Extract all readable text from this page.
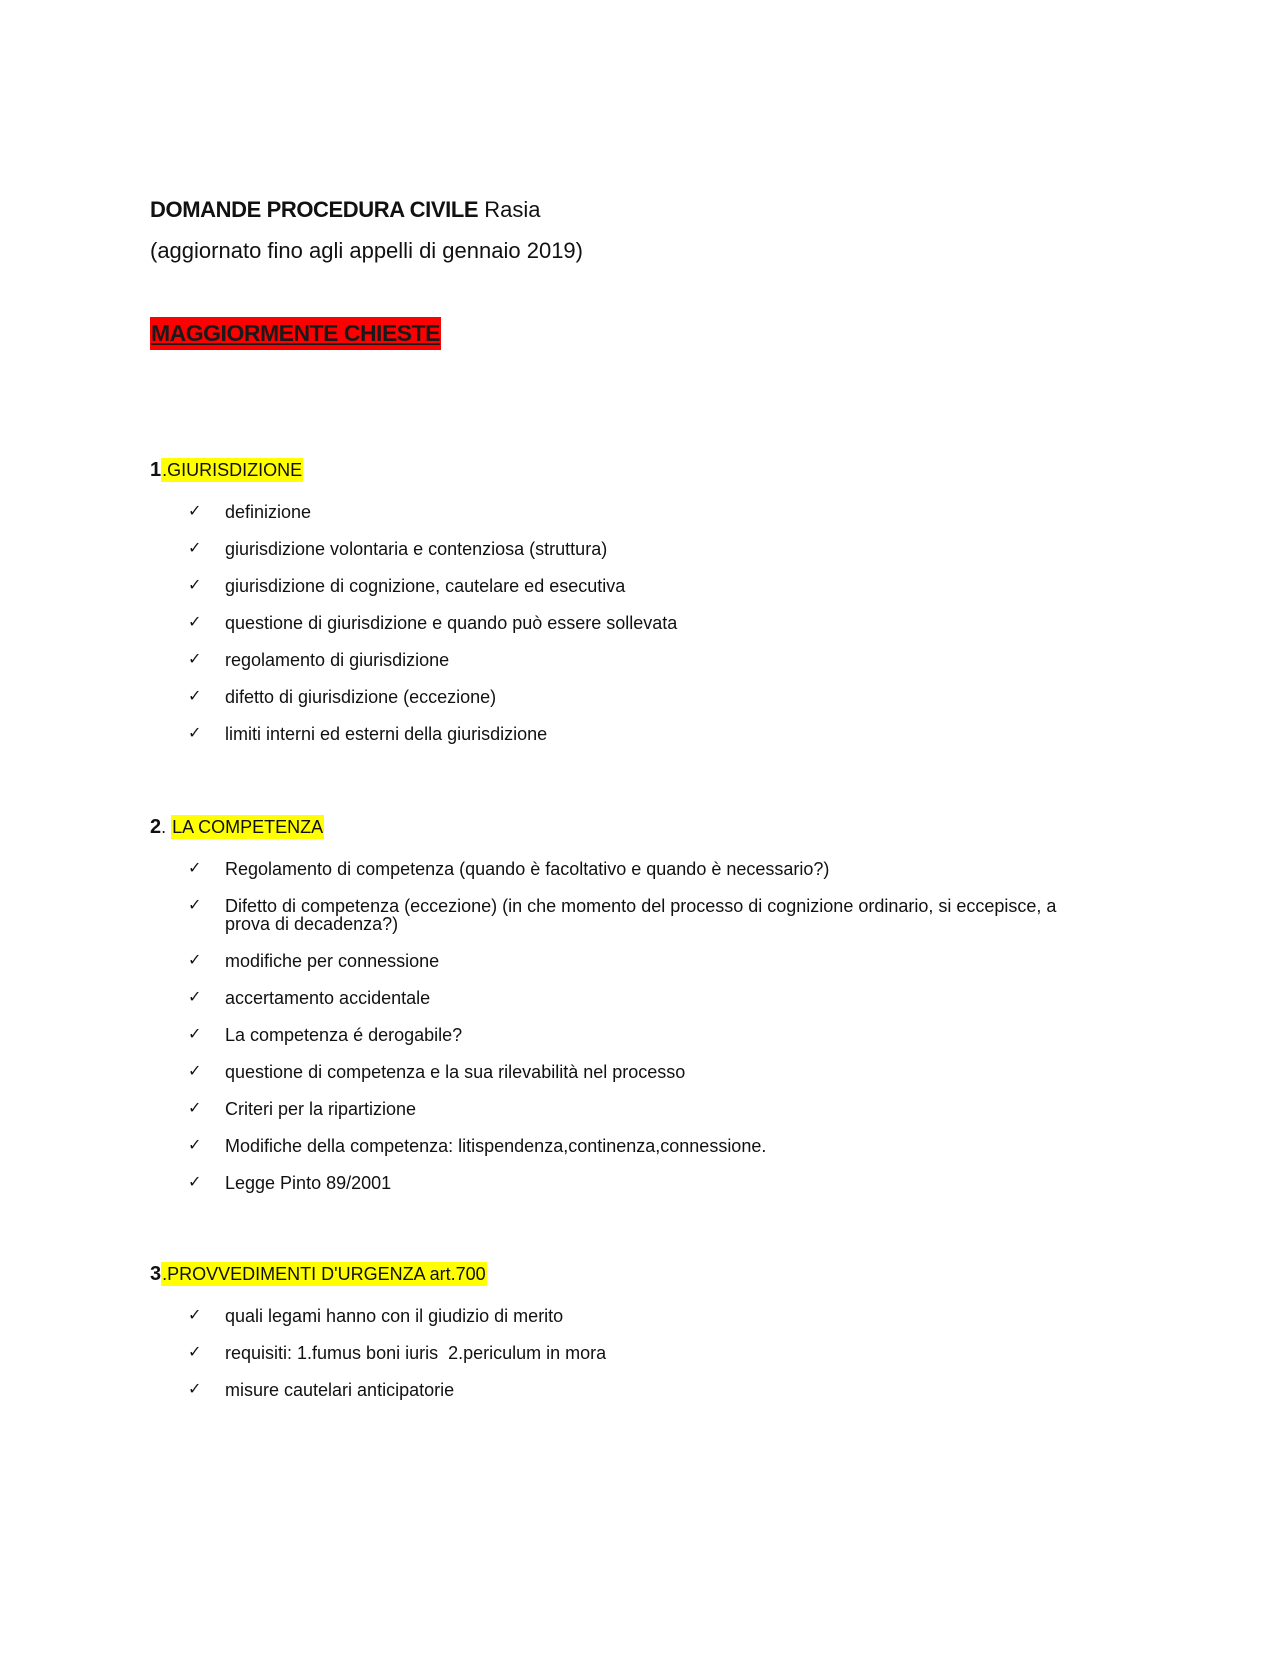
DOMANDE PROCEDURA CIVILE Rasia

(aggiornato fino agli appelli di gennaio 2019)
MAGGIORMENTE CHIESTE
1.GIURISDIZIONE
✓ definizione
✓ giurisdizione volontaria e contenziosa (struttura)
✓ giurisdizione di cognizione, cautelare ed esecutiva
✓ questione di giurisdizione e quando può essere sollevata
✓ regolamento di giurisdizione
✓ difetto di giurisdizione (eccezione)
✓ limiti interni ed esterni della giurisdizione
2. LA COMPETENZA
✓ Regolamento di competenza (quando è facoltativo e quando è necessario?)
✓ Difetto di competenza (eccezione) (in che momento del processo di cognizione ordinario, si eccepisce, a prova di decadenza?)
✓ modifiche per connessione
✓ accertamento accidentale
✓ La competenza é derogabile?
✓ questione di competenza e la sua rilevabilità nel processo
✓ Criteri per la ripartizione
✓ Modifiche della competenza: litispendenza,continenza,connessione.
✓ Legge Pinto 89/2001
3.PROVVEDIMENTI D'URGENZA art.700
✓ quali legami hanno con il giudizio di merito
✓ requisiti: 1.fumus boni iuris  2.periculum in mora
✓ misure cautelari anticipatorie
